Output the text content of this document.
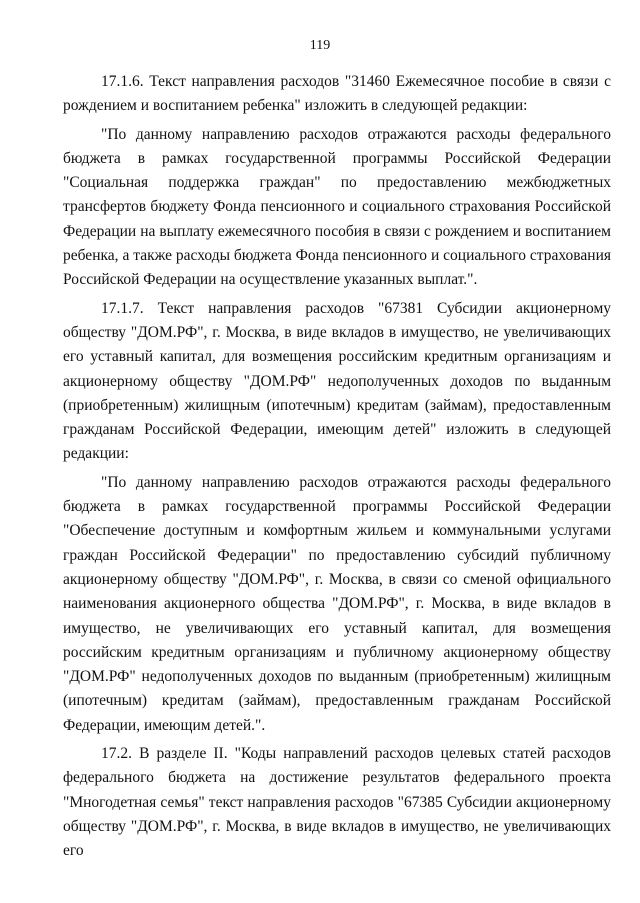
119

17.1.6. Текст направления расходов "31460 Ежемесячное пособие в связи с рождением и воспитанием ребенка" изложить в следующей редакции:

"По данному направлению расходов отражаются расходы федерального бюджета в рамках государственной программы Российской Федерации "Социальная поддержка граждан" по предоставлению межбюджетных трансфертов бюджету Фонда пенсионного и социального страхования Российской Федерации на выплату ежемесячного пособия в связи с рождением и воспитанием ребенка, а также расходы бюджета Фонда пенсионного и социального страхования Российской Федерации на осуществление указанных выплат.".

17.1.7. Текст направления расходов "67381 Субсидии акционерному обществу "ДОМ.РФ", г. Москва, в виде вкладов в имущество, не увеличивающих его уставный капитал, для возмещения российским кредитным организациям и акционерному обществу "ДОМ.РФ" недополученных доходов по выданным (приобретенным) жилищным (ипотечным) кредитам (займам), предоставленным гражданам Российской Федерации, имеющим детей" изложить в следующей редакции:

"По данному направлению расходов отражаются расходы федерального бюджета в рамках государственной программы Российской Федерации "Обеспечение доступным и комфортным жильем и коммунальными услугами граждан Российской Федерации" по предоставлению субсидий публичному акционерному обществу "ДОМ.РФ", г. Москва, в связи со сменой официального наименования акционерного общества "ДОМ.РФ", г. Москва, в виде вкладов в имущество, не увеличивающих его уставный капитал, для возмещения российским кредитным организациям и публичному акционерному обществу "ДОМ.РФ" недополученных доходов по выданным (приобретенным) жилищным (ипотечным) кредитам (займам), предоставленным гражданам Российской Федерации, имеющим детей.".

17.2. В разделе II. "Коды направлений расходов целевых статей расходов федерального бюджета на достижение результатов федерального проекта "Многодетная семья" текст направления расходов "67385 Субсидии акционерному обществу "ДОМ.РФ", г. Москва, в виде вкладов в имущество, не увеличивающих его
